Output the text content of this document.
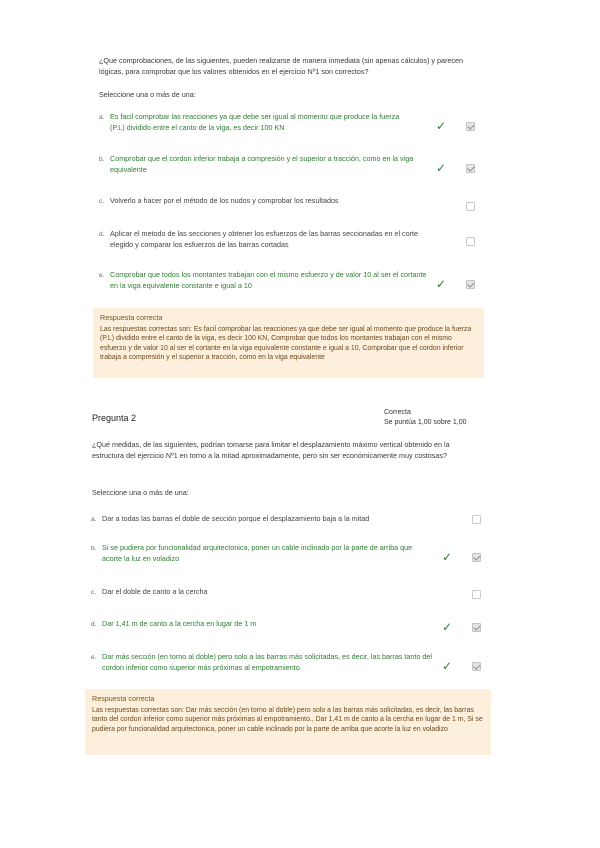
¿Que comprobaciones, de las siguientes, pueden realizarse de manera inmediata (sin apenas cálculos) y parecen lógicas, para comprobar que los valores obtenidos en el ejercicio Nº1 son correctos?

Seleccione una o más de una:

a. Es facil comprobar las reacciones ya que debe ser igual al momento que produce la fuerza (P.L) dividido entre el canto de la viga, es decir 100 KN	✓
b. Comprobar que el cordon inferior trabaja a compresión y el superior a tracción, como en la viga equivalente	✓
c. Volverlo a hacer por el método de los nudos y comprobar los resultados
d. Aplicar el metodo de las secciones y obtener los esfuerzos de las barras seccionadas en el corte elegido y comparar los esfuerzos de las barras cortadas
e. Comprobar que todos los montantes trabajan con el mismo esfuerzo y de valor 10 al ser el cortante en la viga equivalente constante e igual a 10	✓

Respuesta correcta

Las respuestas correctas son: Es facil comprobar las reacciones ya que debe ser igual al momento que produce la fuerza (P.L) dividido entre el canto de la viga, es decir 100 KN, Comprobar que todos los montantes trabajan con el mismo esfuerzo y de valor 10 al ser el cortante en la viga equivalente constante e igual a 10, Comprobar que el cordon inferior trabaja a compresión y el superior a tracción, como en la viga equivalente

Pregunta 2
Correcta
Se puntúa 1,00 sobre 1,00

¿Qué medidas, de las siguientes, podrían tomarse para limitar el desplazamiento máximo vertical obtenido en la estructura del ejercicio Nº1 en torno a la mitad aproximadamente, pero sin ser económicamente muy costosas?

Seleccione una o más de una:

a. Dar a todas las barras el doble de sección porque el desplazamiento baja a la mitad
b. Si se pudiera por funcionalidad arquitectonica, poner un cable inclinado por la parte de arriba que acorte la luz en voladizo	✓
c. Dar el doble de canto a la cercha
d. Dar 1,41 m de canto a la cercha en lugar de 1 m	✓
e. Dar más sección (en torno al doble) pero solo a las barras más solicitadas, es decir, las barras tanto del cordon inferior como superior más próximas al empotramiento.	✓

Respuesta correcta

Las respuestas correctas son: Dar más sección (en torno al doble) pero solo a las barras más solicitadas, es decir, las barras tanto del cordon inferior como superior más próximas al empotramiento., Dar 1,41 m de canto a la cercha en lugar de 1 m, Si se pudiera por funcionalidad arquitectonica, poner un cable inclinado por la parte de arriba que acorte la luz en voladizo
